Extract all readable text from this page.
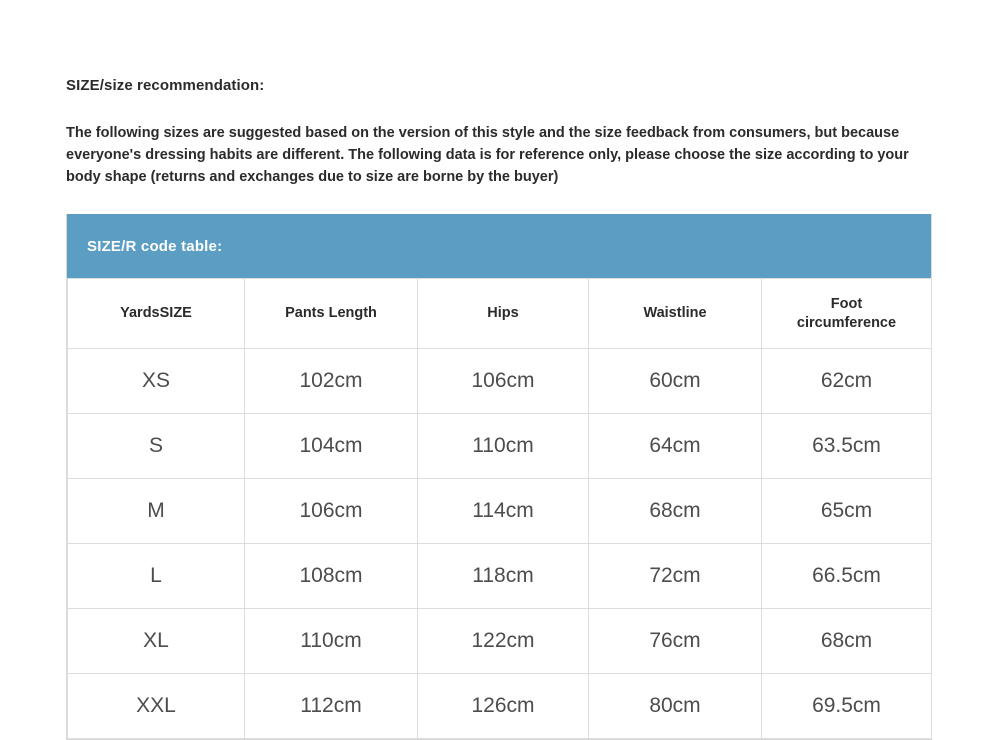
SIZE/size recommendation:
The following sizes are suggested based on the version of this style and the size feedback from consumers, but because everyone's dressing habits are different. The following data is for reference only, please choose the size according to your body shape (returns and exchanges due to size are borne by the buyer)
SIZE/R code table:
YardsSIZE	Pants Length	Hips	Waistline	Foot
circumference

XS	102cm	106cm	60cm	62cm
S	104cm	110cm	64cm	63.5cm
M	106cm	114cm	68cm	65cm
L	108cm	118cm	72cm	66.5cm
XL	110cm	122cm	76cm	68cm
XXL	112cm	126cm	80cm	69.5cm
